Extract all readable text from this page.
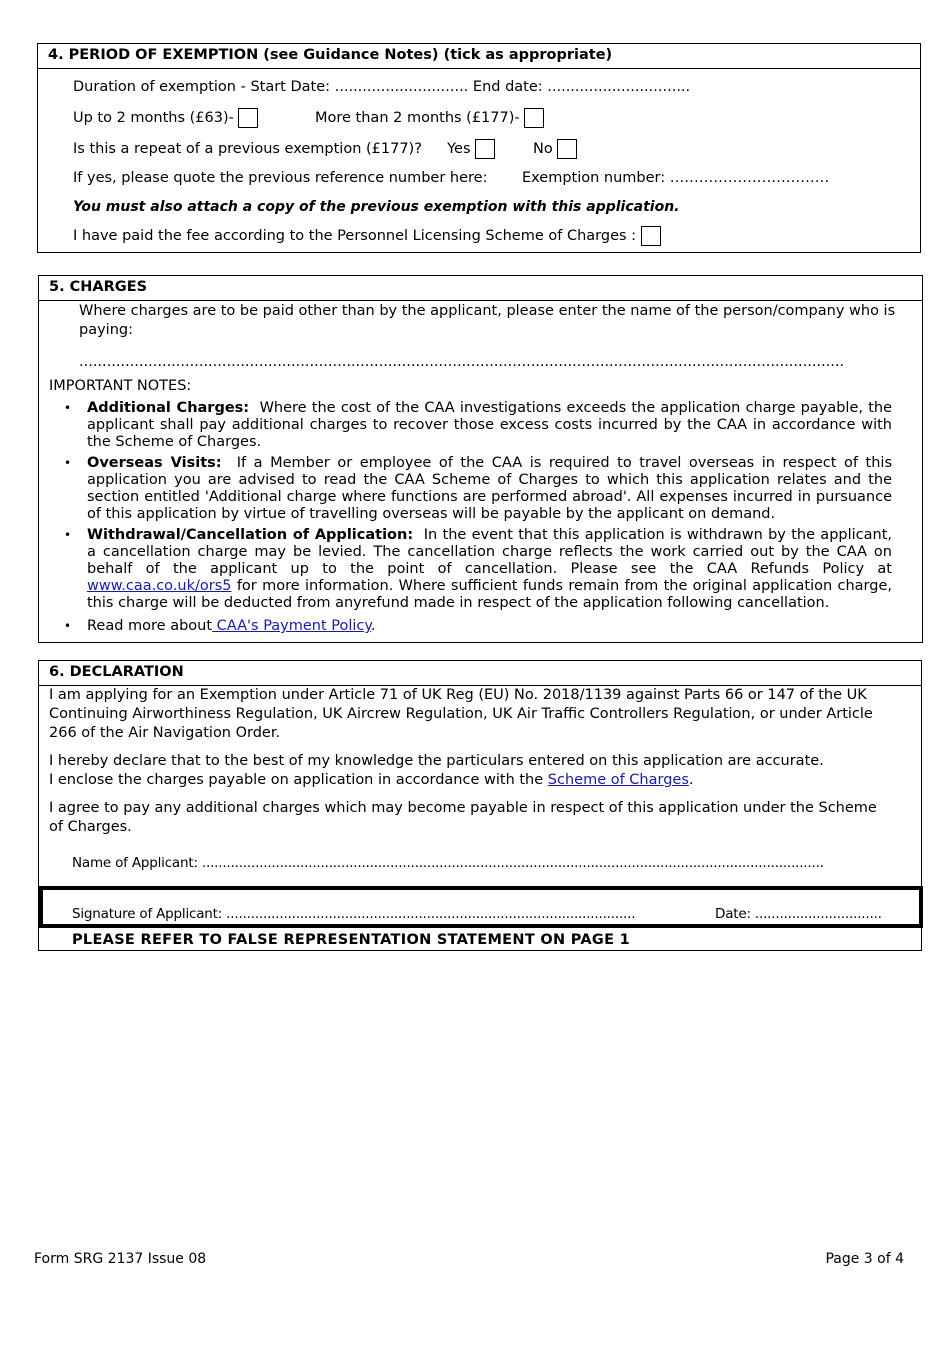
4. PERIOD OF EXEMPTION (see Guidance Notes) (tick as appropriate)
Duration of exemption - Start Date: ............................. End date: ...............................
Up to 2 months (£63)-	More than 2 months (£177)-
Is this a repeat of a previous exemption (£177)? Yes	No
If yes, please quote the previous reference number here: Exemption number: ……………………………
You must also attach a copy of the previous exemption with this application.
I have paid the fee according to the Personnel Licensing Scheme of Charges :
5. CHARGES
Where charges are to be paid other than by the applicant, please enter the name of the person/company who is
paying:
......................................................................................................................................................................
IMPORTANT NOTES:
• Additional Charges: Where the cost of the CAA investigations exceeds the application charge payable, the applicant shall pay additional charges to recover those excess costs incurred by the CAA in accordance with the Scheme of Charges.
• Overseas Visits: If a Member or employee of the CAA is required to travel overseas in respect of this application you are advised to read the CAA Scheme of Charges to which this application relates and the section entitled 'Additional charge where functions are performed abroad'. All expenses incurred in pursuance of this application by virtue of travelling overseas will be payable by the applicant on demand.
• Withdrawal/Cancellation of Application: In the event that this application is withdrawn by the applicant, a cancellation charge may be levied. The cancellation charge reflects the work carried out by the CAA on behalf of the applicant up to the point of cancellation. Please see the CAA Refunds Policy at www.caa.co.uk/ors5 for more information. Where sufficient funds remain from the original application charge, this charge will be deducted from anyrefund made in respect of the application following cancellation.
• Read more about CAA's Payment Policy.
6. DECLARATION
I am applying for an Exemption under Article 71 of UK Reg (EU) No. 2018/1139 against Parts 66 or 147 of the UK Continuing Airworthiness Regulation, UK Aircrew Regulation, UK Air Traffic Controllers Regulation, or under Article 266 of the Air Navigation Order.
I hereby declare that to the best of my knowledge the particulars entered on this application are accurate.
I enclose the charges payable on application in accordance with the Scheme of Charges.
I agree to pay any additional charges which may become payable in respect of this application under the Scheme of Charges.
Name of Applicant: ........................................................................................................................................................
Signature of Applicant: ....................................................................................................	Date: ...............................
PLEASE REFER TO FALSE REPRESENTATION STATEMENT ON PAGE 1
Form SRG 2137 Issue 08	Page 3 of 4
